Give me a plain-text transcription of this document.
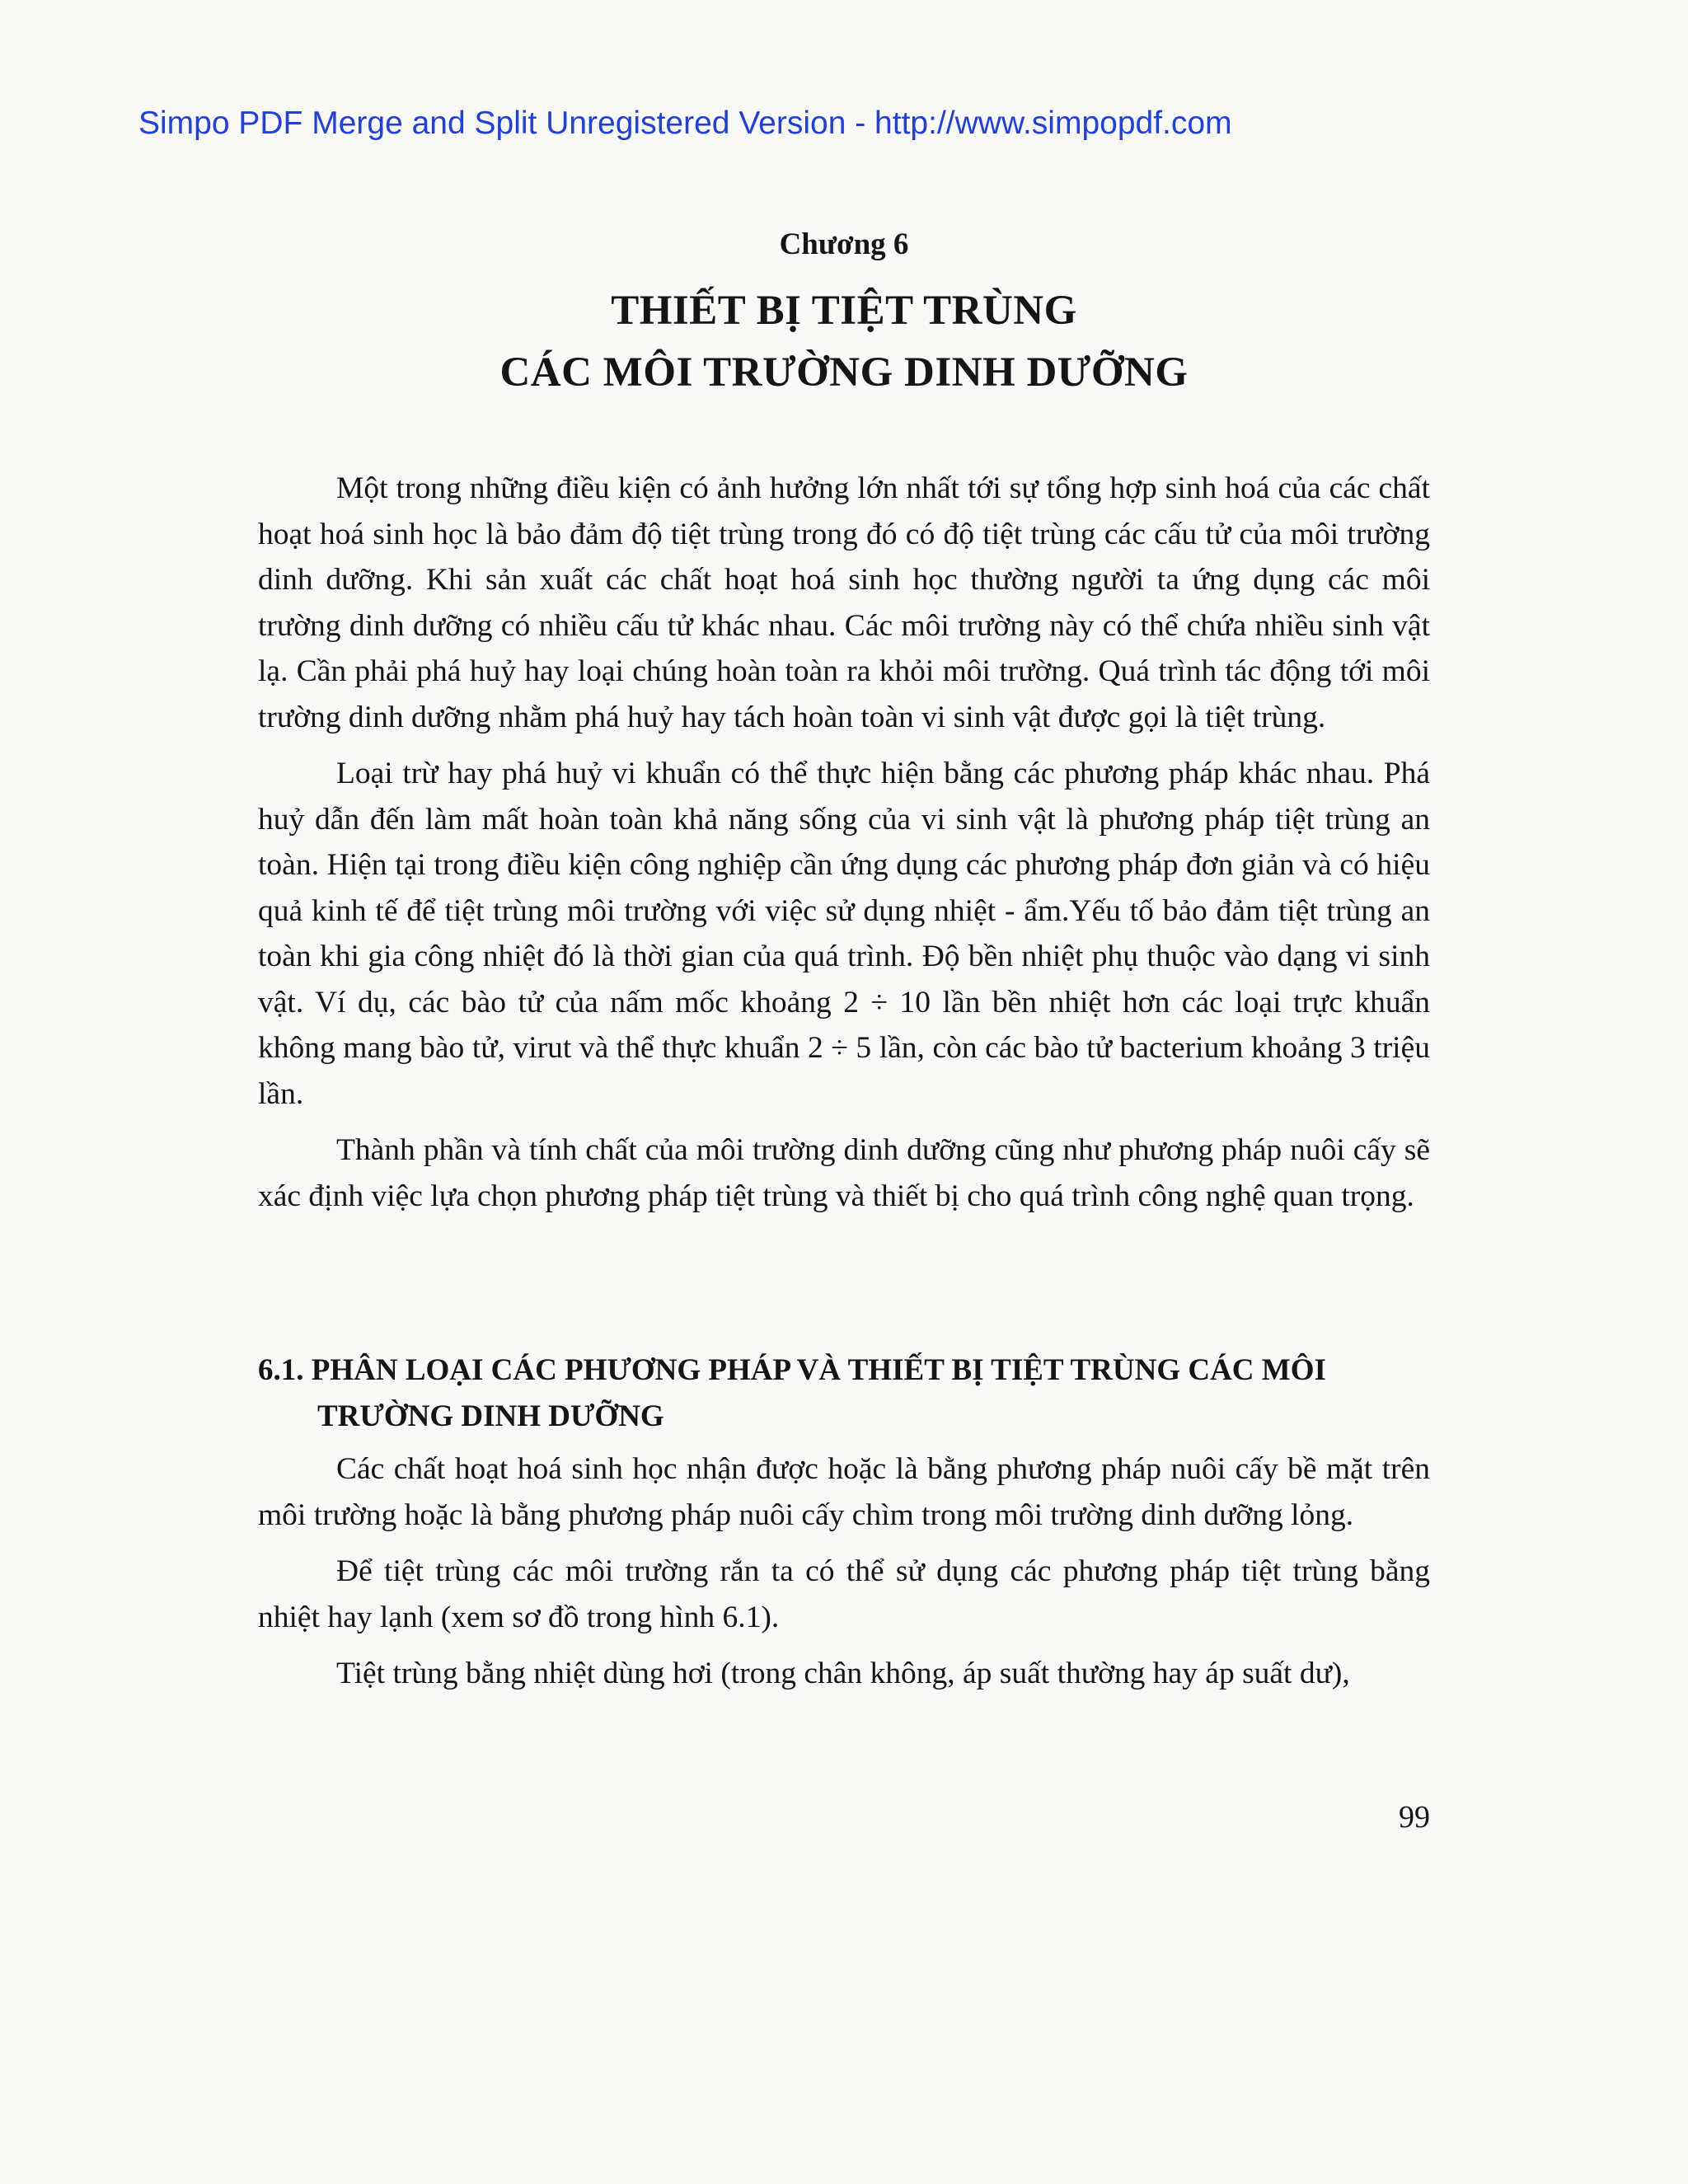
Simpo PDF Merge and Split Unregistered Version - http://www.simpopdf.com
Chương 6
THIẾT BỊ TIỆT TRÙNG
CÁC MÔI TRƯỜNG DINH DƯỠNG

Một trong những điều kiện có ảnh hưởng lớn nhất tới sự tổng hợp sinh hoá của các chất hoạt hoá sinh học là bảo đảm độ tiệt trùng trong đó có độ tiệt trùng các cấu tử của môi trường dinh dưỡng. Khi sản xuất các chất hoạt hoá sinh học thường người ta ứng dụng các môi trường dinh dưỡng có nhiều cấu tử khác nhau. Các môi trường này có thể chứa nhiều sinh vật lạ. Cần phải phá huỷ hay loại chúng hoàn toàn ra khỏi môi trường. Quá trình tác động tới môi trường dinh dưỡng nhằm phá huỷ hay tách hoàn toàn vi sinh vật được gọi là tiệt trùng.

Loại trừ hay phá huỷ vi khuẩn có thể thực hiện bằng các phương pháp khác nhau. Phá huỷ dẫn đến làm mất hoàn toàn khả năng sống của vi sinh vật là phương pháp tiệt trùng an toàn. Hiện tại trong điều kiện công nghiệp cần ứng dụng các phương pháp đơn giản và có hiệu quả kinh tế để tiệt trùng môi trường với việc sử dụng nhiệt - ẩm.Yếu tố bảo đảm tiệt trùng an toàn khi gia công nhiệt đó là thời gian của quá trình. Độ bền nhiệt phụ thuộc vào dạng vi sinh vật. Ví dụ, các bào tử của nấm mốc khoảng 2 ÷ 10 lần bền nhiệt hơn các loại trực khuẩn không mang bào tử, virut và thể thực khuẩn 2 ÷ 5 lần, còn các bào tử bacterium khoảng 3 triệu lần.

Thành phần và tính chất của môi trường dinh dưỡng cũng như phương pháp nuôi cấy sẽ xác định việc lựa chọn phương pháp tiệt trùng và thiết bị cho quá trình công nghệ quan trọng.

6.1. PHÂN LOẠI CÁC PHƯƠNG PHÁP VÀ THIẾT BỊ TIỆT TRÙNG CÁC MÔI TRƯỜNG DINH DƯỠNG

Các chất hoạt hoá sinh học nhận được hoặc là bằng phương pháp nuôi cấy bề mặt trên môi trường hoặc là bằng phương pháp nuôi cấy chìm trong môi trường dinh dưỡng lỏng.

Để tiệt trùng các môi trường rắn ta có thể sử dụng các phương pháp tiệt trùng bằng nhiệt hay lạnh (xem sơ đồ trong hình 6.1).

Tiệt trùng bằng nhiệt dùng hơi (trong chân không, áp suất thường hay áp suất dư),

99
